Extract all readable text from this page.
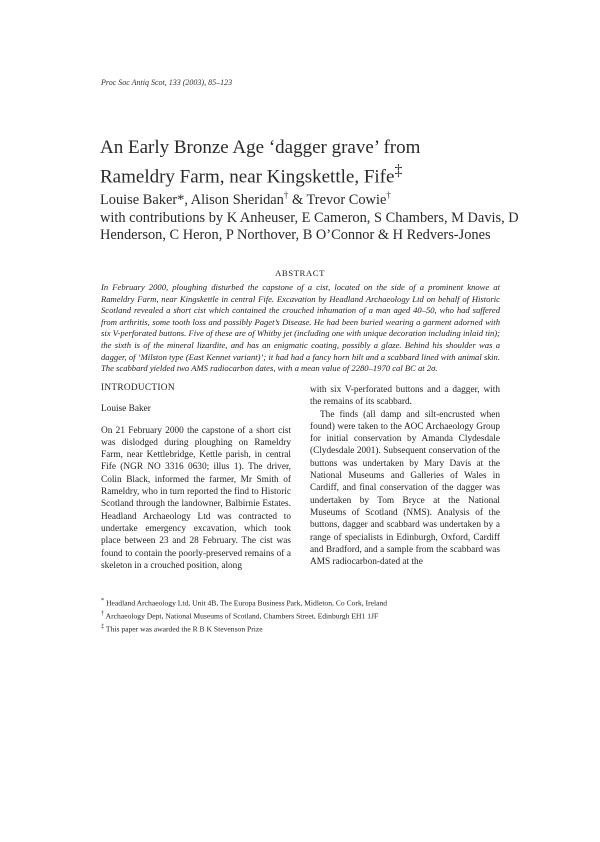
Proc Soc Antiq Scot, 133 (2003), 85–123
An Early Bronze Age ‘dagger grave’ from Rameldry Farm, near Kingskettle, Fife‡
Louise Baker*, Alison Sheridan† & Trevor Cowie†
with contributions by K Anheuser, E Cameron, S Chambers, M Davis, D Henderson, C Heron, P Northover, B O’Connor & H Redvers-Jones
ABSTRACT
In February 2000, ploughing disturbed the capstone of a cist, located on the side of a prominent knowe at Rameldry Farm, near Kingskettle in central Fife. Excavation by Headland Archaeology Ltd on behalf of Historic Scotland revealed a short cist which contained the crouched inhumation of a man aged 40–50, who had suffered from arthritis, some tooth loss and possibly Paget’s Disease. He had been buried wearing a garment adorned with six V-perforated buttons. Five of these are of Whitby jet (including one with unique decoration including inlaid tin); the sixth is of the mineral lizardite, and has an enigmatic coating, possibly a glaze. Behind his shoulder was a dagger, of ‘Milston type (East Kennet variant)’; it had had a fancy horn hilt and a scabbard lined with animal skin. The scabbard yielded two AMS radiocarbon dates, with a mean value of 2280–1970 cal BC at 2σ.
INTRODUCTION
Louise Baker

On 21 February 2000 the capstone of a short cist was dislodged during ploughing on Rameldry Farm, near Kettlebridge, Kettle parish, in central Fife (NGR NO 3316 0630; illus 1). The driver, Colin Black, informed the farmer, Mr Smith of Rameldry, who in turn reported the find to Historic Scotland through the landowner, Balbirnie Estates. Headland Archaeology Ltd was contracted to undertake emergency excavation, which took place between 23 and 28 February. The cist was found to contain the poorly-preserved remains of a skeleton in a crouched position, along

with six V-perforated buttons and a dagger, with the remains of its scabbard.

The finds (all damp and silt-encrusted when found) were taken to the AOC Archaeology Group for initial conservation by Amanda Clydesdale (Clydesdale 2001). Subsequent conservation of the buttons was undertaken by Mary Davis at the National Museums and Galleries of Wales in Cardiff, and final conservation of the dagger was undertaken by Tom Bryce at the National Museums of Scotland (NMS). Analysis of the buttons, dagger and scabbard was undertaken by a range of specialists in Edinburgh, Oxford, Cardiff and Bradford, and a sample from the scabbard was AMS radiocarbon-dated at the

* Headland Archaeology Ltd, Unit 4B, The Europa Business Park, Midleton, Co Cork, Ireland
† Archaeology Dept, National Museums of Scotland, Chambers Street, Edinburgh EH1 1JF
‡ This paper was awarded the R B K Stevenson Prize
